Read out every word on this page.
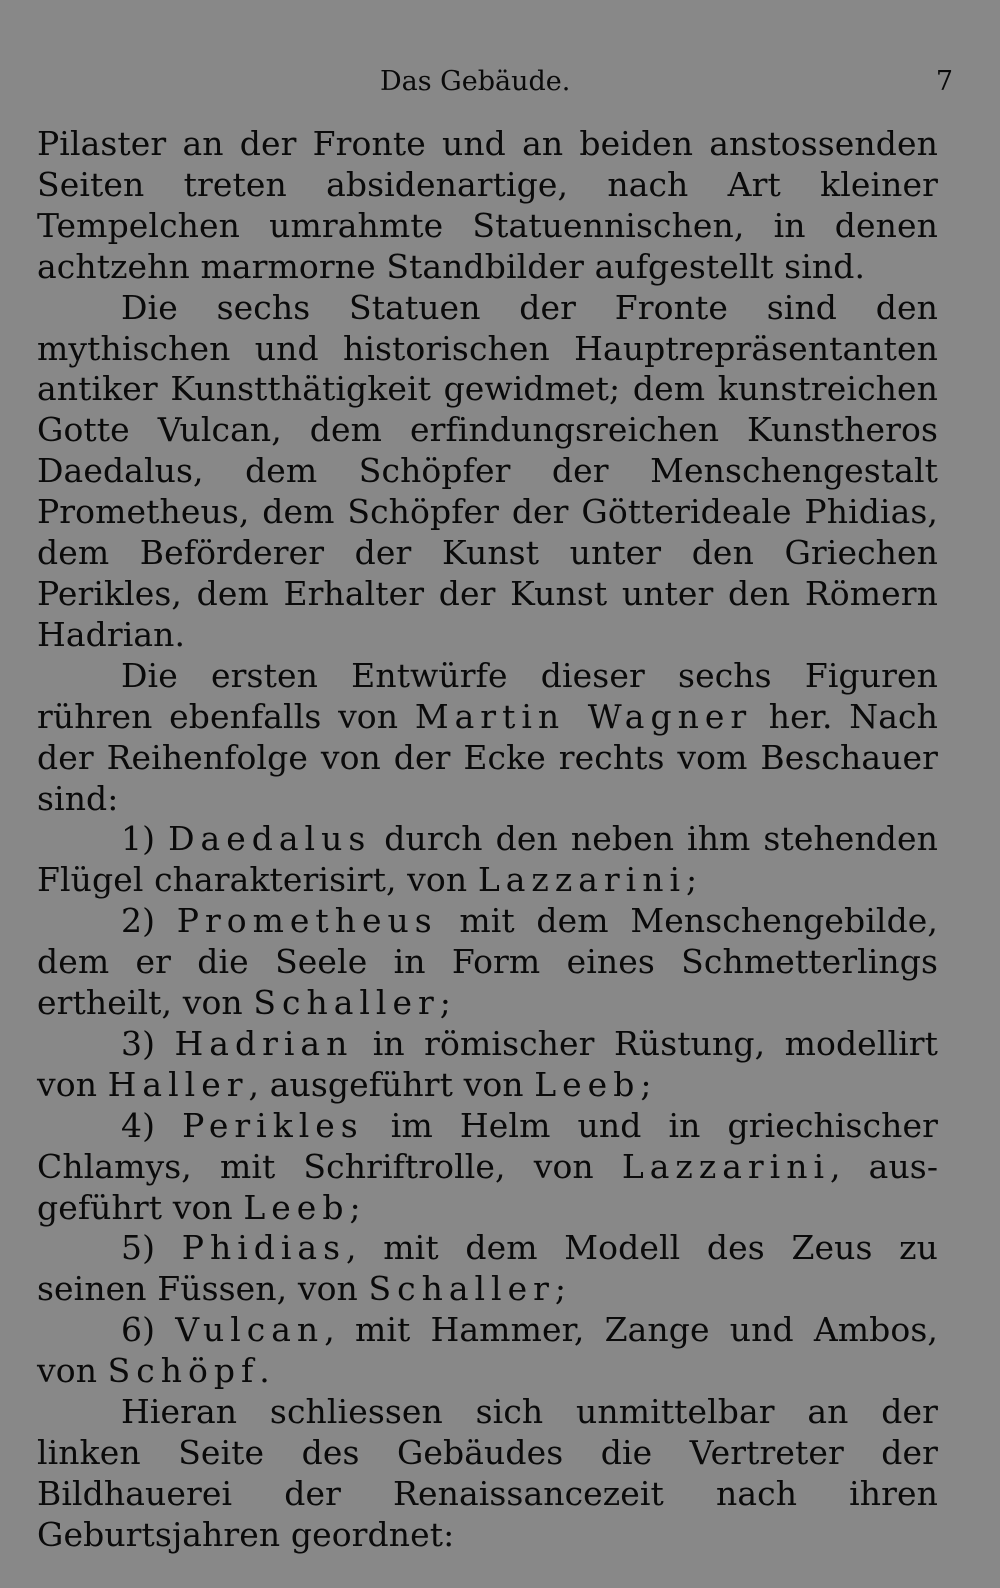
Das Gebäude.	7

Pilaster an der Fronte und an beiden anstossenden Seiten treten absidenartige, nach Art kleiner Tempelchen umrahmte Statuennischen, in denen achtzehn marmorne Standbilder aufgestellt sind.

Die sechs Statuen der Fronte sind den mythischen und historischen Hauptrepräsentanten antiker Kunstthätigkeit gewidmet; dem kunstreichen Gotte Vulcan, dem erfindungsreichen Kunstheros Daedalus, dem Schöpfer der Menschengestalt Prometheus, dem Schöpfer der Götterideale Phidias, dem Beförderer der Kunst unter den Griechen Perikles, dem Erhalter der Kunst unter den Römern Hadrian.

Die ersten Entwürfe dieser sechs Figuren rühren ebenfalls von Martin Wagner her. Nach der Reihenfolge von der Ecke rechts vom Beschauer sind:

1) Daedalus durch den neben ihm stehenden Flügel charakterisirt, von Lazzarini;

2) Prometheus mit dem Menschengebilde, dem er die Seele in Form eines Schmetterlings ertheilt, von Schaller;

3) Hadrian in römischer Rüstung, modellirt von Haller, ausgeführt von Leeb;

4) Perikles im Helm und in griechischer Chlamys, mit Schriftrolle, von Lazzarini, ausgeführt von Leeb;

5) Phidias, mit dem Modell des Zeus zu seinen Füssen, von Schaller;

6) Vulcan, mit Hammer, Zange und Ambos, von Schöpf.

Hieran schliessen sich unmittelbar an der linken Seite des Gebäudes die Vertreter der Bildhauerei der Renaissancezeit nach ihren Geburtsjahren geordnet:
